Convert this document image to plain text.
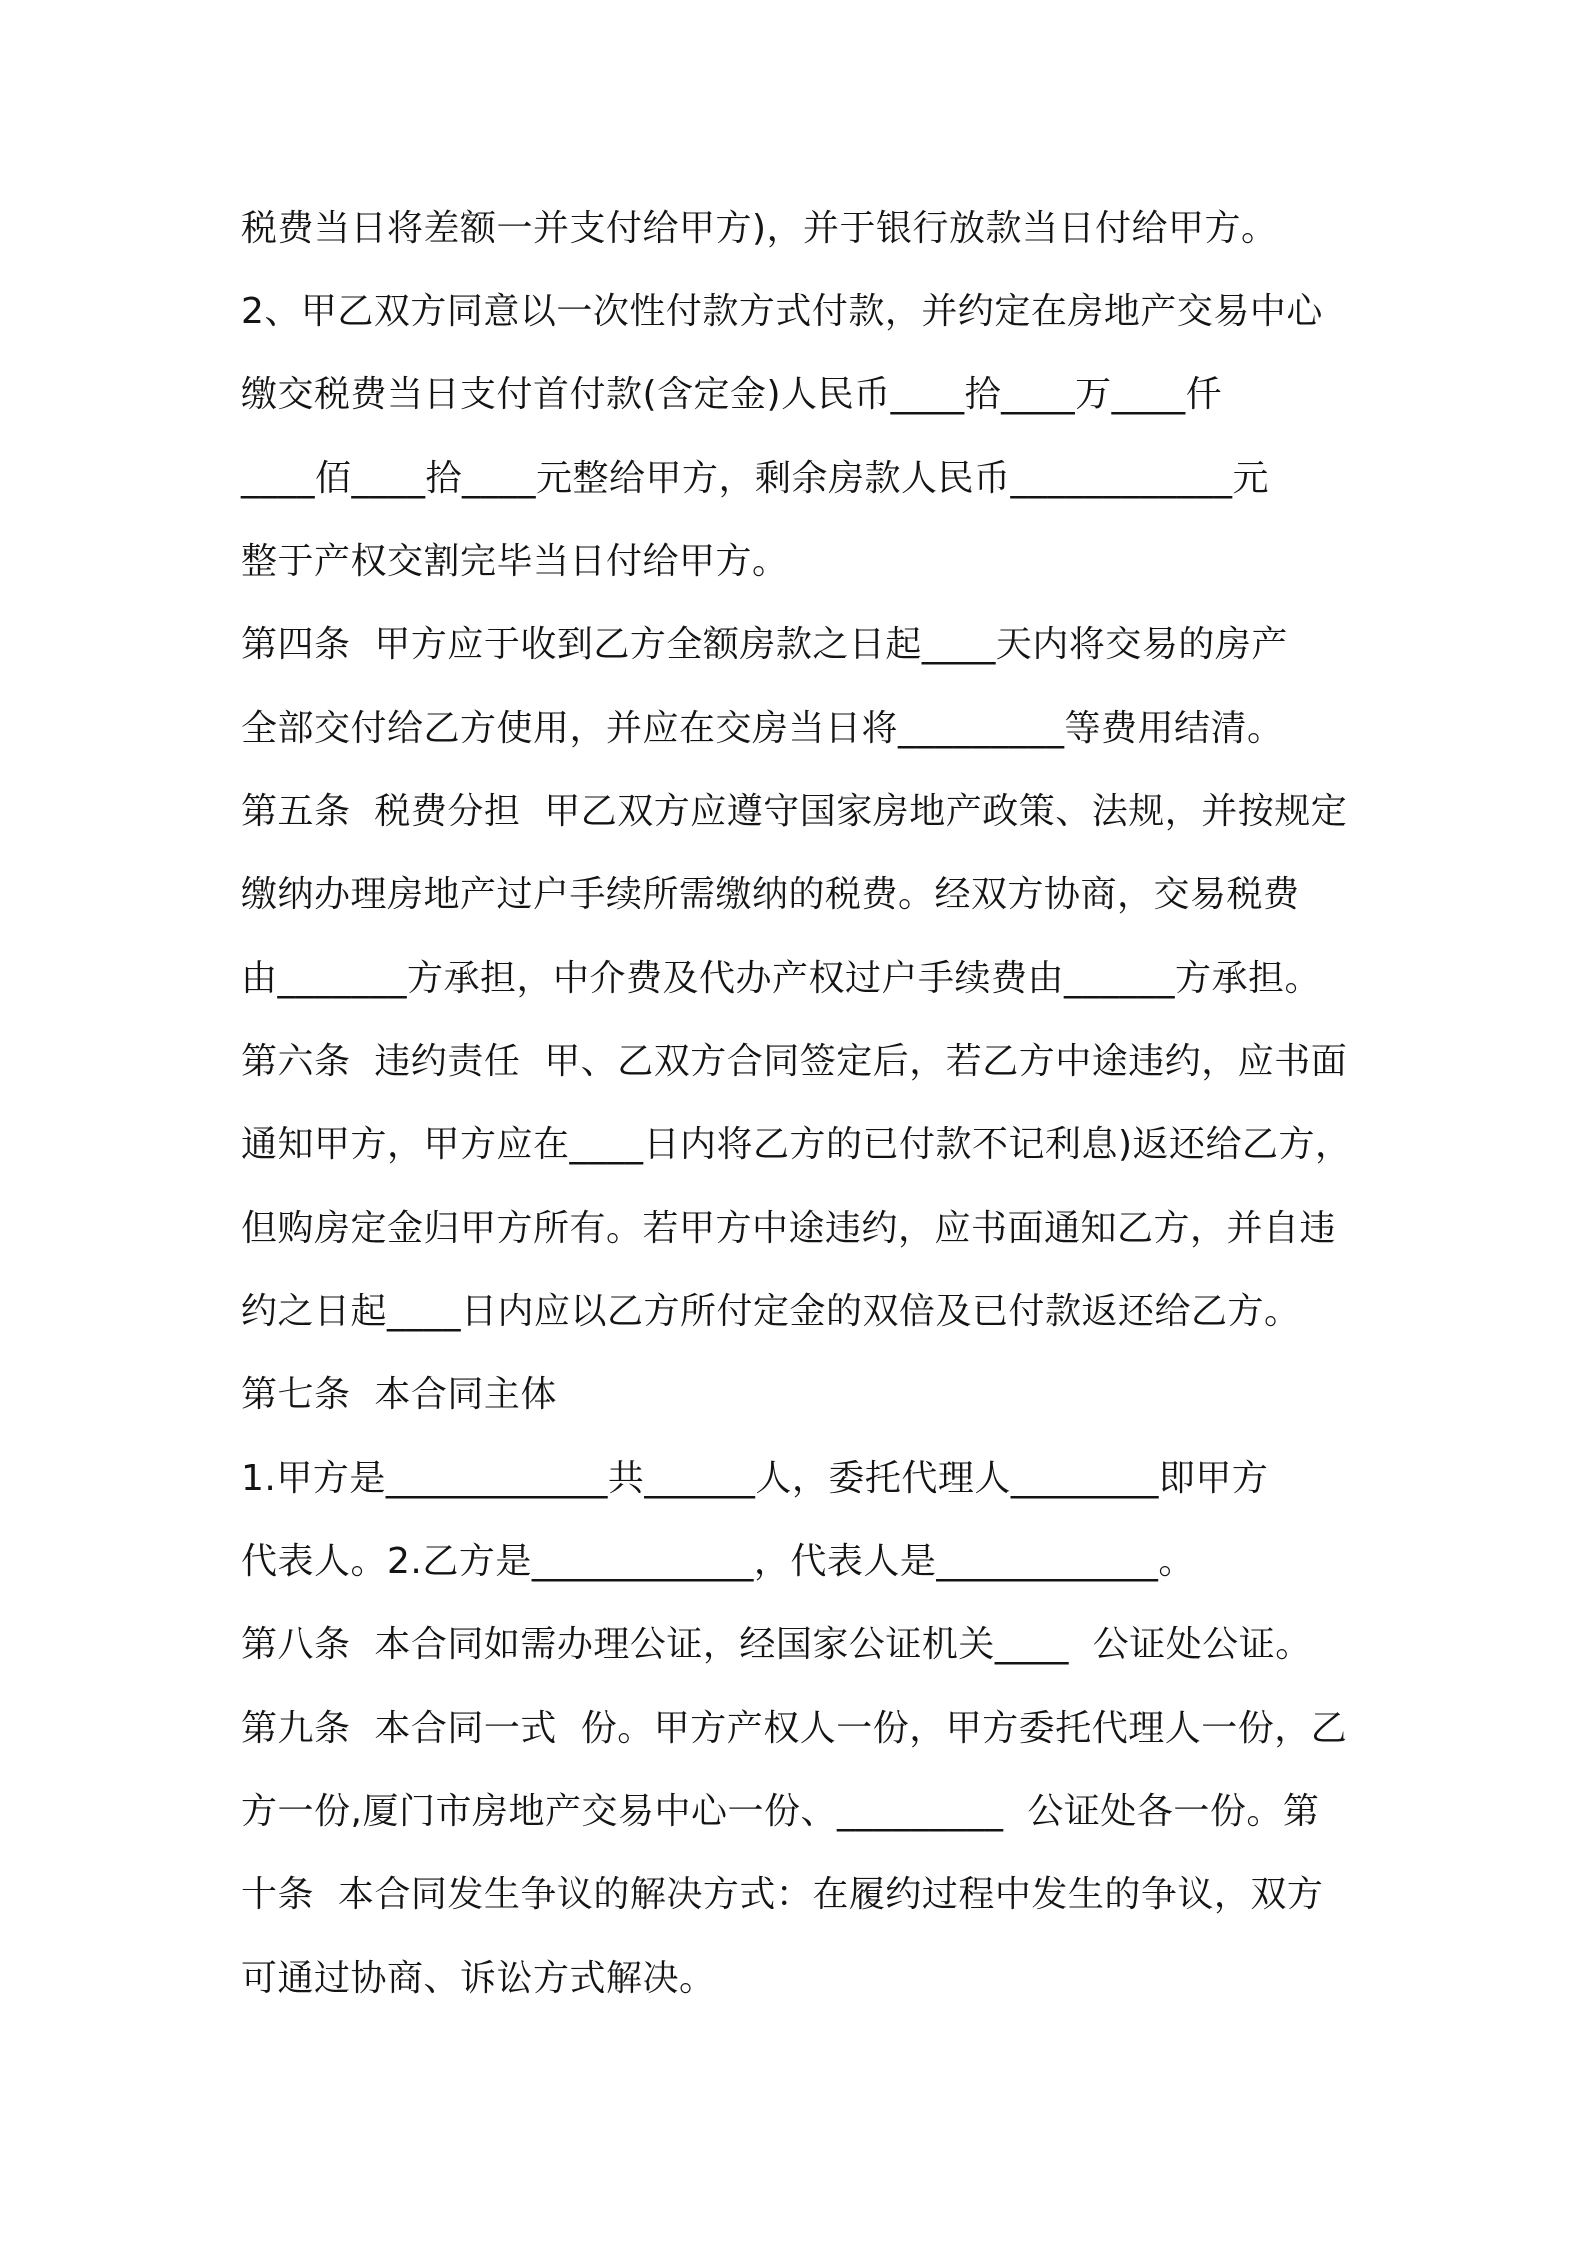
税费当日将差额一并支付给甲方)，并于银行放款当日付给甲方。

2、甲乙双方同意以一次性付款方式付款，并约定在房地产交易中心

缴交税费当日支付首付款(含定金)人民币____拾____万____仟

____佰____拾____元整给甲方，剩余房款人民币____________元

整于产权交割完毕当日付给甲方。

第四条  甲方应于收到乙方全额房款之日起____天内将交易的房产

全部交付给乙方使用，并应在交房当日将_________等费用结清。

第五条  税费分担  甲乙双方应遵守国家房地产政策、法规，并按规定

缴纳办理房地产过户手续所需缴纳的税费。经双方协商，交易税费

由_______方承担，中介费及代办产权过户手续费由______方承担。

第六条  违约责任  甲、乙双方合同签定后，若乙方中途违约，应书面

通知甲方，甲方应在____日内将乙方的已付款不记利息)返还给乙方，

但购房定金归甲方所有。若甲方中途违约，应书面通知乙方，并自违

约之日起____日内应以乙方所付定金的双倍及已付款返还给乙方。

第七条  本合同主体

1.甲方是____________共______人，委托代理人________即甲方

代表人。2.乙方是____________，代表人是____________。

第八条  本合同如需办理公证，经国家公证机关____  公证处公证。

第九条  本合同一式  份。甲方产权人一份，甲方委托代理人一份，乙

方一份,厦门市房地产交易中心一份、_________  公证处各一份。第

十条  本合同发生争议的解决方式：在履约过程中发生的争议，双方

可通过协商、诉讼方式解决。
